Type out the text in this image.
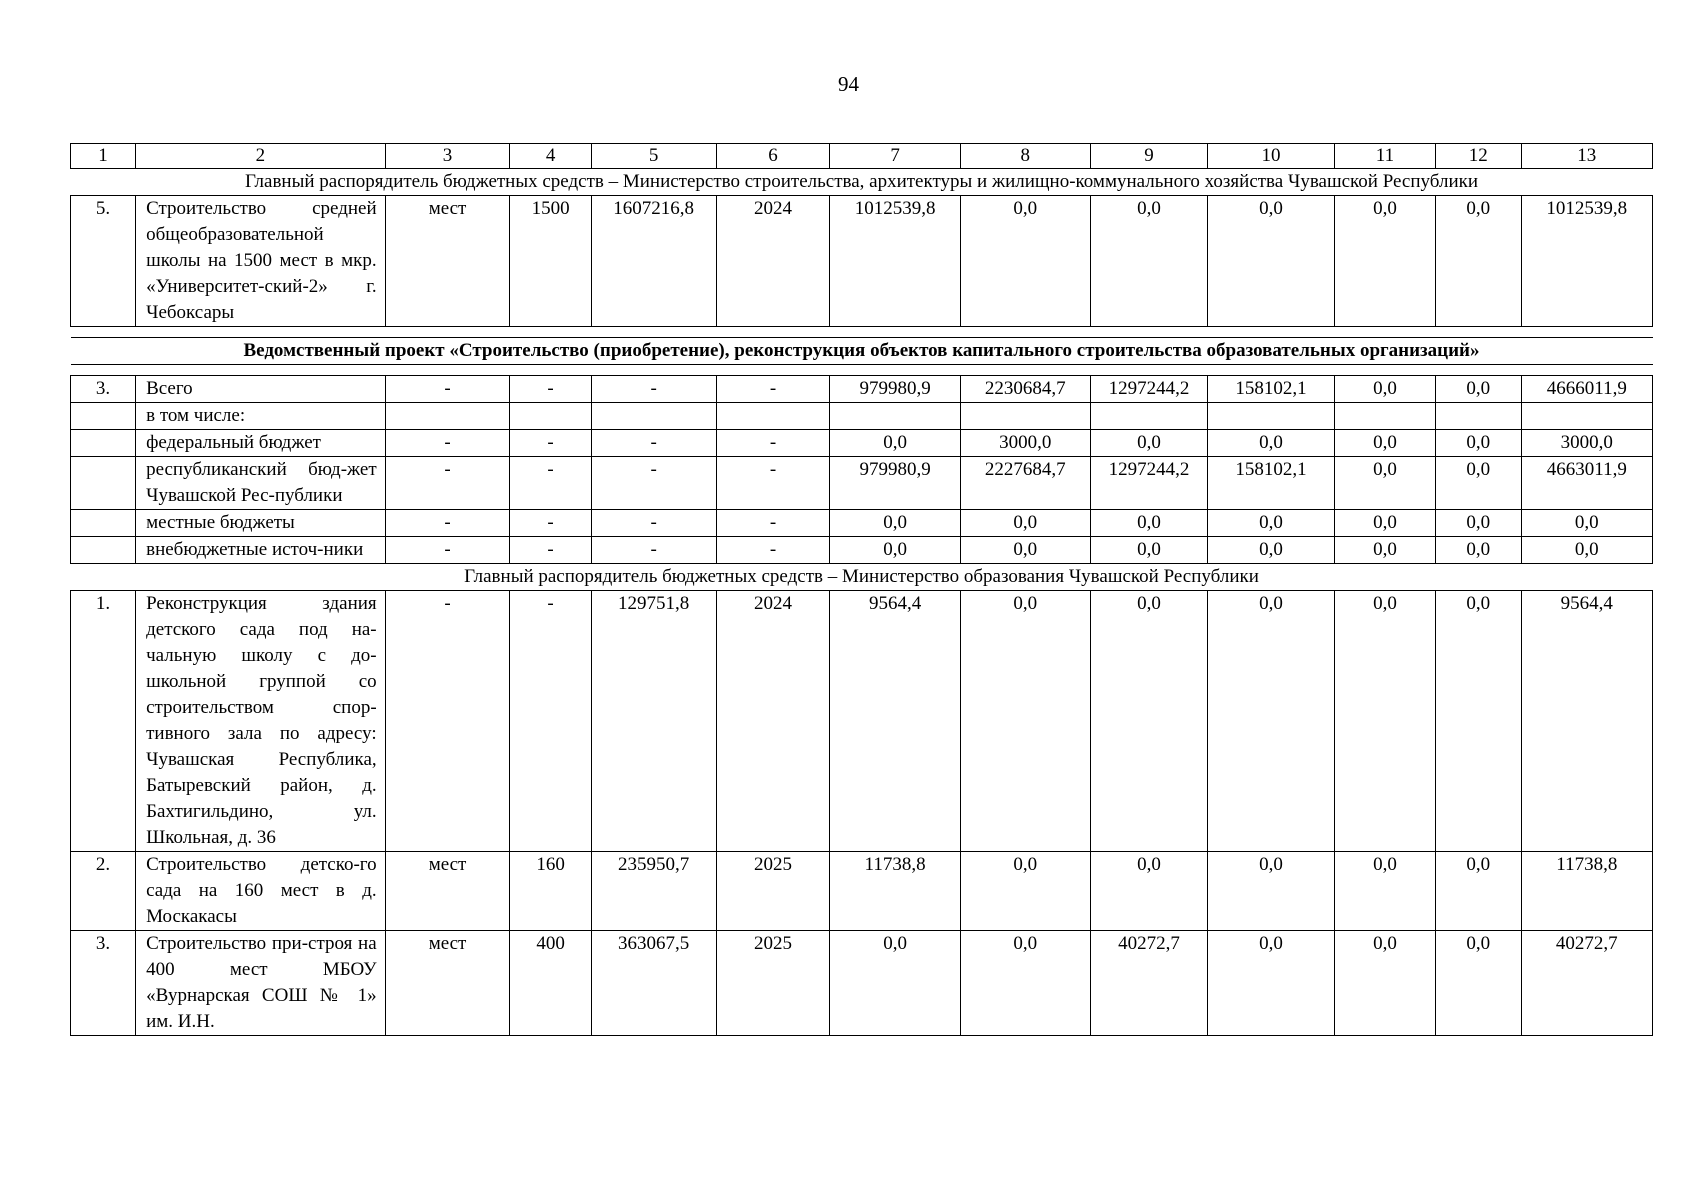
94
1	2	3	4	5	6	7	8	9	10	11	12	13
Главный распорядитель бюджетных средств – Министерство строительства, архитектуры и жилищно-коммунального хозяйства Чувашской Республики												
5.	Строительство средней общеобразовательной школы на 1500 мест в мкр. «Университет-ский-2» г. Чебоксары	мест	1500	1607216,8	2024	1012539,8	0,0	0,0	0,0	0,0	0,0	1012539,8

Ведомственный проект «Строительство (приобретение), реконструкция объектов капитального строительства образовательных организаций»												

3.	Всего	-	-	-	-	979980,9	2230684,7	1297244,2	158102,1	0,0	0,0	4666011,9
	в том числе:											
	федеральный бюджет	-	-	-	-	0,0	3000,0	0,0	0,0	0,0	0,0	3000,0
	республиканский бюд-жет Чувашской Рес-публики	-	-	-	-	979980,9	2227684,7	1297244,2	158102,1	0,0	0,0	4663011,9
	местные бюджеты	-	-	-	-	0,0	0,0	0,0	0,0	0,0	0,0	0,0
	внебюджетные источ-ники	-	-	-	-	0,0	0,0	0,0	0,0	0,0	0,0	0,0
Главный распорядитель бюджетных средств – Министерство образования Чувашской Республики												
1.	Реконструкция здания детского сада под на-чальную школу с до-школьной группой со строительством спор-тивного зала по адресу: Чувашская Республика, Батыревский район, д. Бахтигильдино, ул. Школьная, д. 36	-	-	129751,8	2024	9564,4	0,0	0,0	0,0	0,0	0,0	9564,4
2.	Строительство детско-го сада на 160 мест в д. Москакасы	мест	160	235950,7	2025	11738,8	0,0	0,0	0,0	0,0	0,0	11738,8
3.	Строительство при-строя на 400 мест МБОУ «Вурнарская СОШ № 1» им. И.Н.	мест	400	363067,5	2025	0,0	0,0	40272,7	0,0	0,0	0,0	40272,7
